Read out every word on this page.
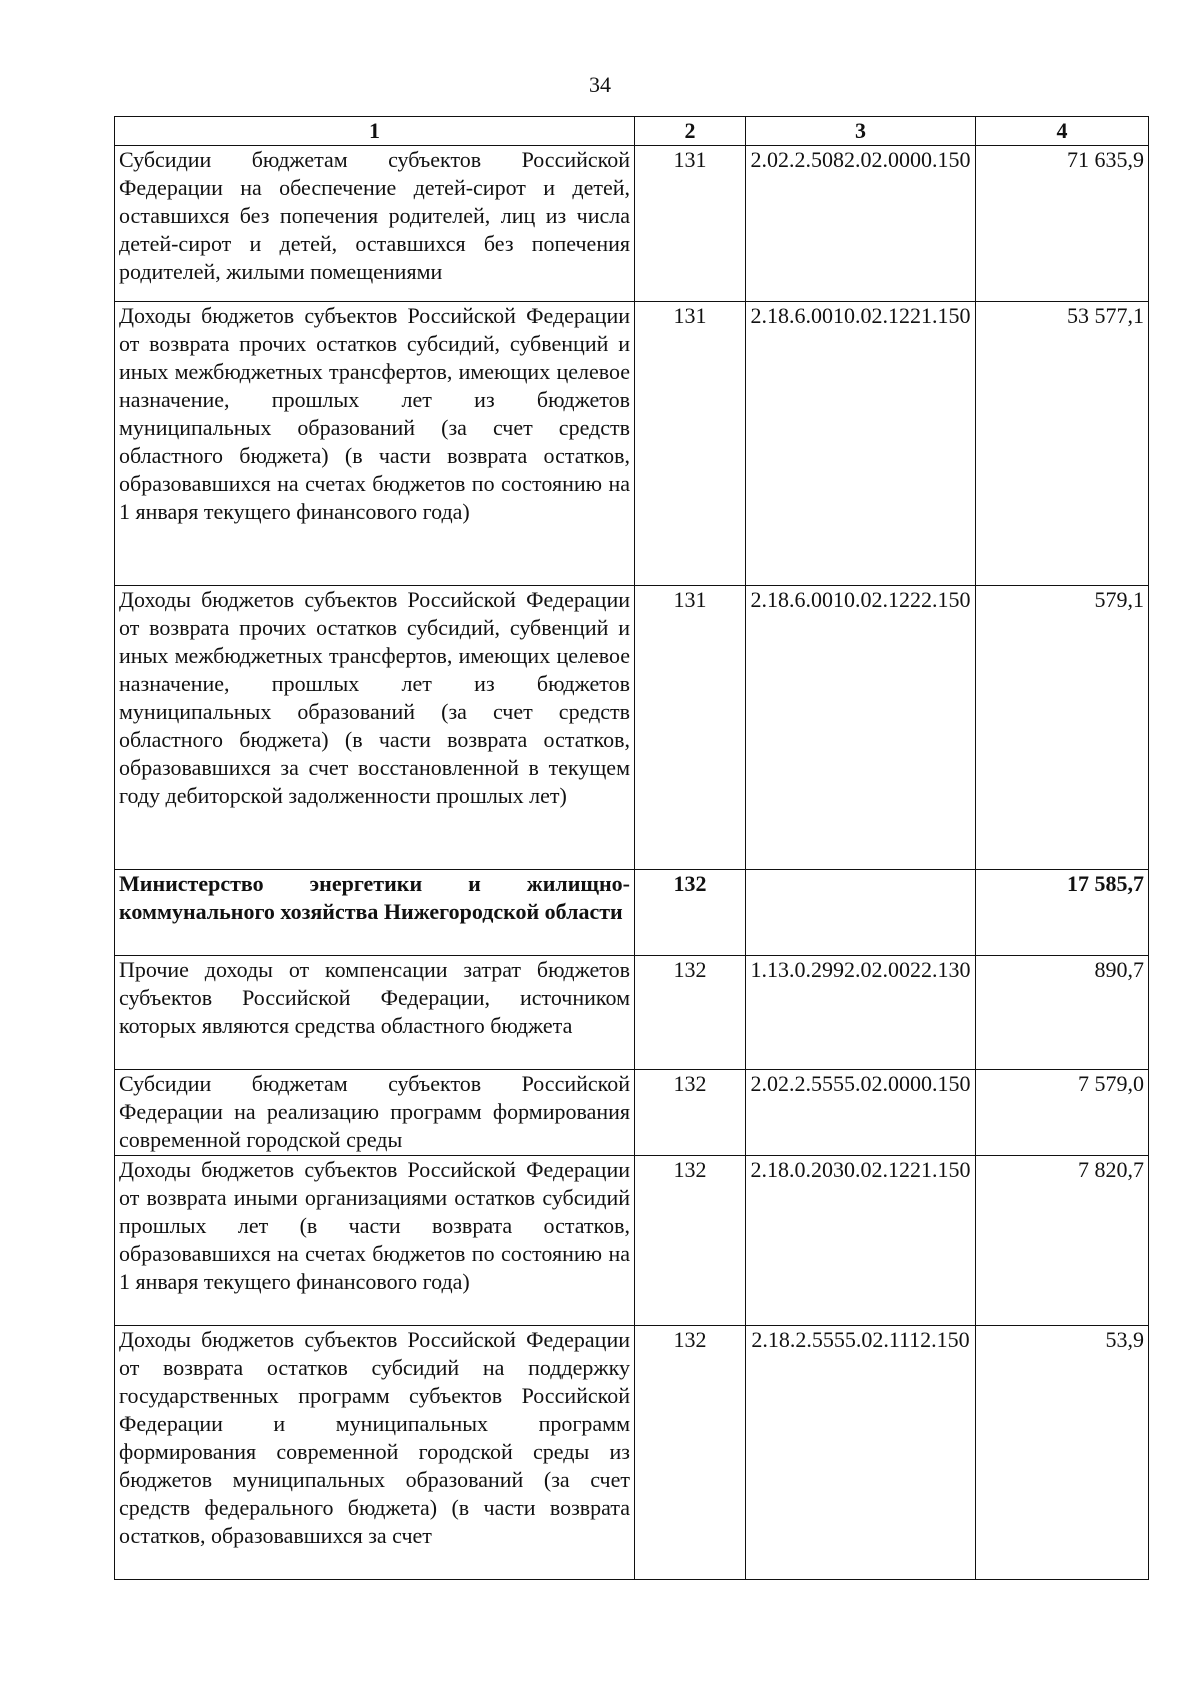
34
1	2	3	4
Субсидии бюджетам субъектов Российской Федерации на обеспечение детей-сирот и детей, оставшихся без попечения родителей, лиц из числа детей-сирот и детей, оставшихся без попечения родителей, жилыми помещениями	131	2.02.2.5082.02.0000.150	71 635,9
Доходы бюджетов субъектов Российской Федерации от возврата прочих остатков субсидий, субвенций и иных межбюджетных трансфертов, имеющих целевое назначение, прошлых лет из бюджетов муниципальных образований (за счет средств областного бюджета) (в части возврата остатков, образовавшихся на счетах бюджетов по состоянию на 1 января текущего финансового года)	131	2.18.6.0010.02.1221.150	53 577,1
Доходы бюджетов субъектов Российской Федерации от возврата прочих остатков субсидий, субвенций и иных межбюджетных трансфертов, имеющих целевое назначение, прошлых лет из бюджетов муниципальных образований (за счет средств областного бюджета) (в части возврата остатков, образовавшихся за счет восстановленной в текущем году дебиторской задолженности прошлых лет)	131	2.18.6.0010.02.1222.150	579,1
Министерство энергетики и жилищно-коммунального хозяйства Нижегородской области	132		17 585,7
Прочие доходы от компенсации затрат бюджетов субъектов Российской Федерации, источником которых являются средства областного бюджета	132	1.13.0.2992.02.0022.130	890,7
Субсидии бюджетам субъектов Российской Федерации на реализацию программ формирования современной городской среды	132	2.02.2.5555.02.0000.150	7 579,0
Доходы бюджетов субъектов Российской Федерации от возврата иными организациями остатков субсидий прошлых лет (в части возврата остатков, образовавшихся на счетах бюджетов по состоянию на 1 января текущего финансового года)	132	2.18.0.2030.02.1221.150	7 820,7
Доходы бюджетов субъектов Российской Федерации от возврата остатков субсидий на поддержку государственных программ субъектов Российской Федерации и муниципальных программ формирования современной городской среды из бюджетов муниципальных образований (за счет средств федерального бюджета) (в части возврата остатков, образовавшихся за счет	132	2.18.2.5555.02.1112.150	53,9
